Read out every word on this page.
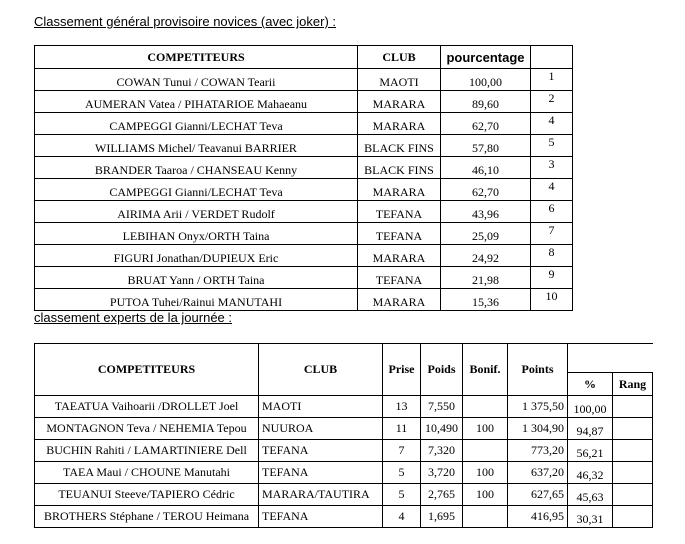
Classement général provisoire novices (avec joker) :
COMPETITEURS	CLUB	pourcentage	
COWAN Tunui / COWAN Tearii	MAOTI	100,00	1
AUMERAN Vatea / PIHATARIOE Mahaeanu	MARARA	89,60	2
CAMPEGGI Gianni/LECHAT Teva	MARARA	62,70	4
WILLIAMS Michel/ Teavanui BARRIER	BLACK FINS	57,80	5
BRANDER Taaroa / CHANSEAU Kenny	BLACK FINS	46,10	3
CAMPEGGI Gianni/LECHAT Teva	MARARA	62,70	4
AIRIMA Arii / VERDET Rudolf	TEFANA	43,96	6
LEBIHAN Onyx/ORTH Taina	TEFANA	25,09	7
FIGURI Jonathan/DUPIEUX Eric	MARARA	24,92	8
BRUAT Yann / ORTH Taina	TEFANA	21,98	9
PUTOA Tuhei/Rainui MANUTAHI	MARARA	15,36	10
classement experts de la journée :
COMPETITEURS	CLUB	Prise	Poids	Bonif.	Points		
						%	Rang
TAEATUA Vaihoarii /DROLLET Joel	MAOTI	13	7,550		1 375,50	100,00	
MONTAGNON Teva / NEHEMIA Tepou	NUUROA	11	10,490	100	1 304,90	94,87	
BUCHIN Rahiti / LAMARTINIERE Dell	TEFANA	7	7,320		773,20	56,21	
TAEA Maui / CHOUNE Manutahi	TEFANA	5	3,720	100	637,20	46,32	
TEUANUI Steeve/TAPIERO Cédric	MARARA/TAUTIRA	5	2,765	100	627,65	45,63	
BROTHERS Stéphane / TEROU Heimana	TEFANA	4	1,695		416,95	30,31	
